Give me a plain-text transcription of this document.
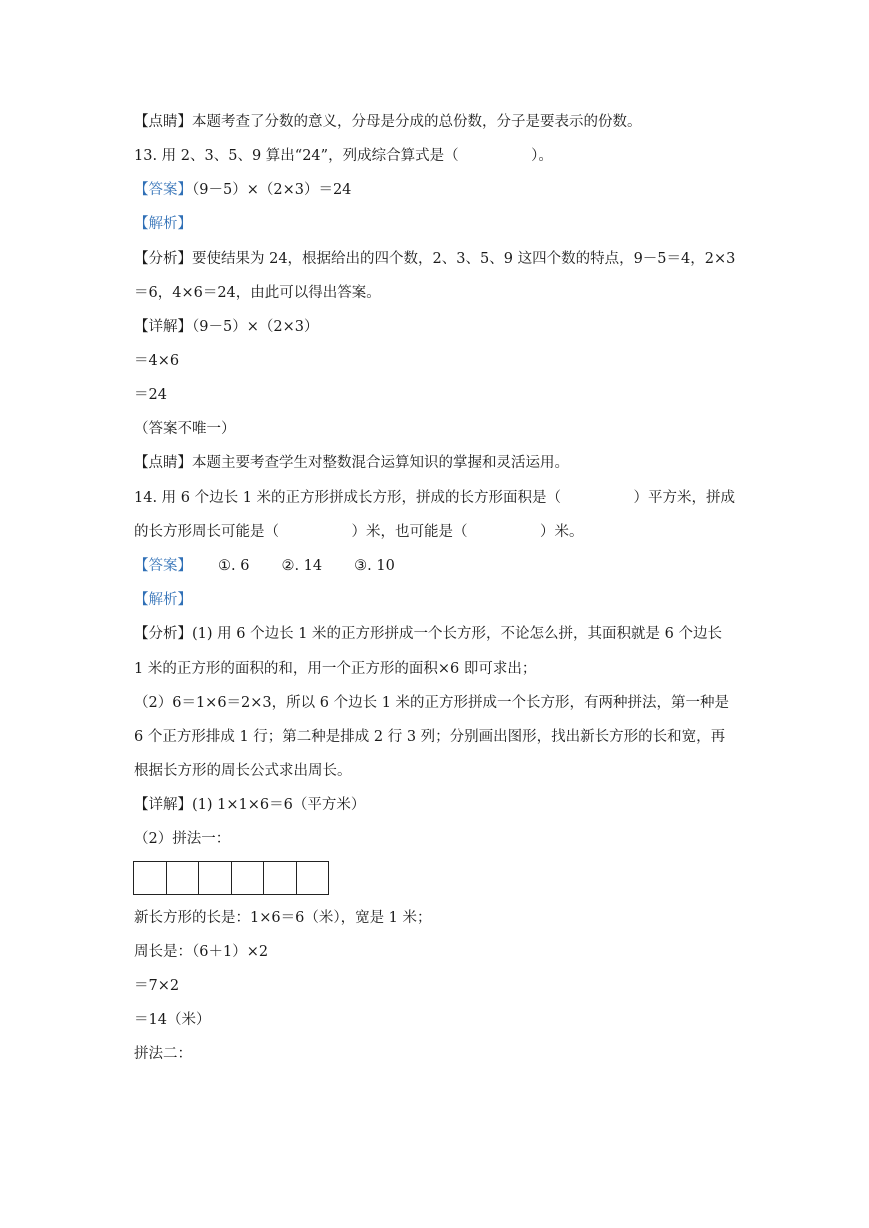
【点睛】本题考查了分数的意义，分母是分成的总份数，分子是要表示的份数。
13. 用 2、3、5、9 算出“24”，列成综合算式是（　　　　　）。
【答案】（9－5）×（2×3）＝24
【解析】
【分析】要使结果为 24，根据给出的四个数，2、3、5、9 这四个数的特点，9－5＝4，2×3
＝6，4×6＝24，由此可以得出答案。
【详解】（9－5）×（2×3）
＝4×6
＝24
（答案不唯一）
【点睛】本题主要考查学生对整数混合运算知识的掌握和灵活运用。
14. 用 6 个边长 1 米的正方形拼成长方形，拼成的长方形面积是（　　　　　）平方米，拼成
的长方形周长可能是（　　　　　）米，也可能是（　　　　　）米。
【答案】 ①. 6 ②. 14 ③. 10
【解析】
【分析】(1) 用 6 个边长 1 米的正方形拼成一个长方形，不论怎么拼，其面积就是 6 个边长
1 米的正方形的面积的和，用一个正方形的面积×6 即可求出；
（2）6＝1×6＝2×3，所以 6 个边长 1 米的正方形拼成一个长方形，有两种拼法，第一种是
6 个正方形排成 1 行；第二种是排成 2 行 3 列；分别画出图形，找出新长方形的长和宽，再
根据长方形的周长公式求出周长。
【详解】(1) 1×1×6＝6（平方米）
（2）拼法一：
新长方形的长是：1×6＝6（米），宽是 1 米；
周长是：（6＋1）×2
＝7×2
＝14（米）
拼法二：
